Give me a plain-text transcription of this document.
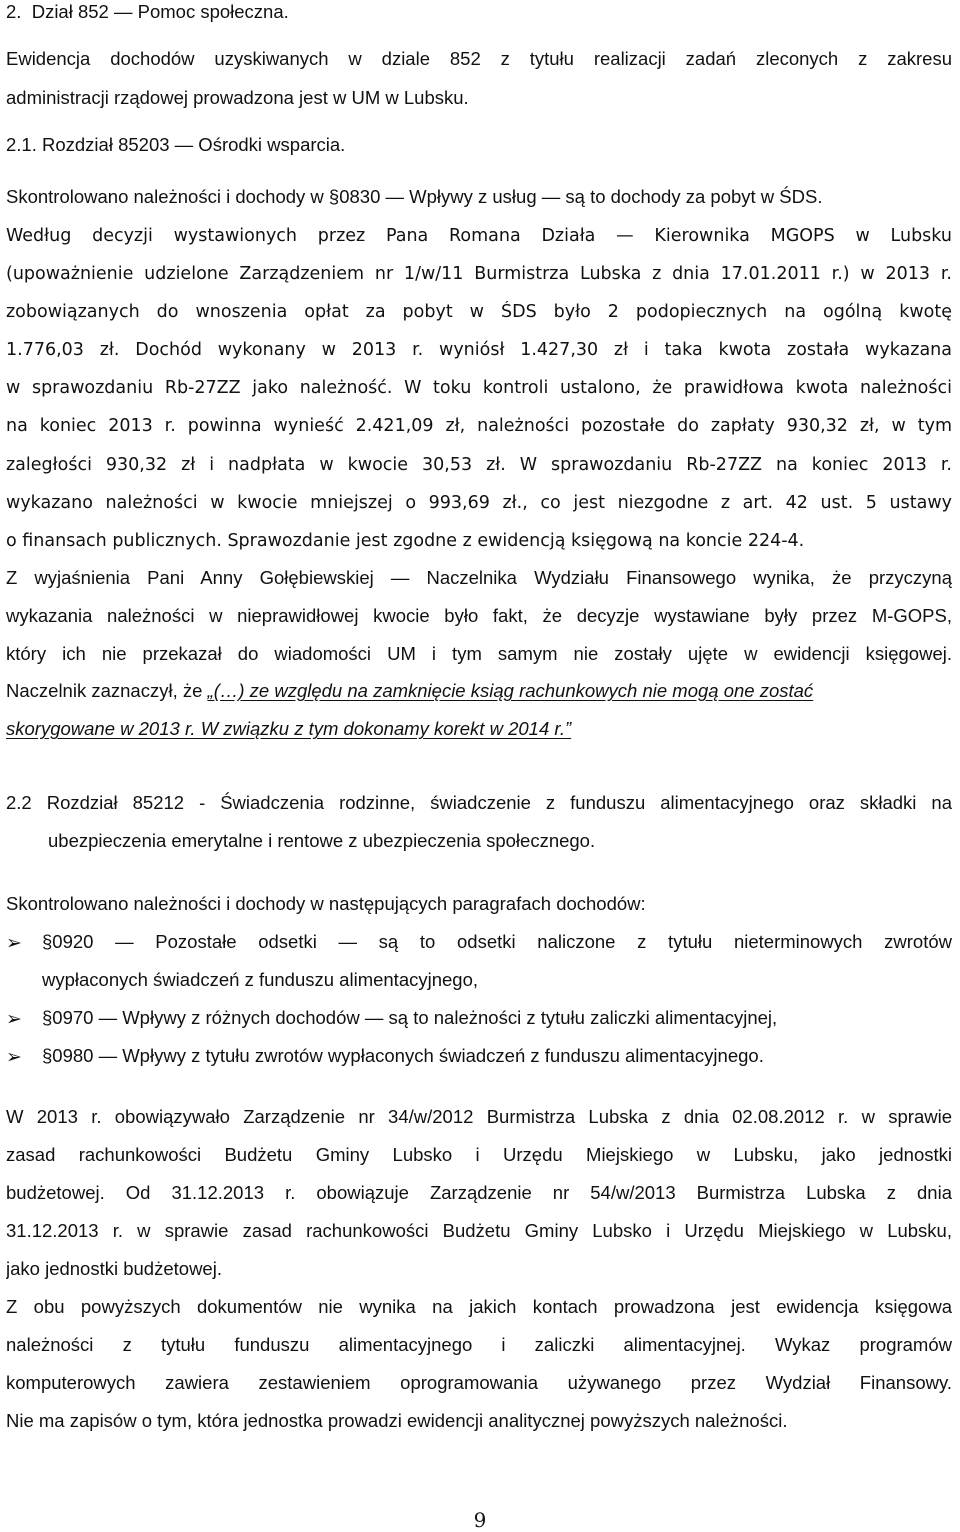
2.  Dział 852 — Pomoc społeczna.
Ewidencja dochodów uzyskiwanych w dziale 852 z tytułu realizacji zadań zleconych z zakresu
administracji rządowej prowadzona jest w UM w Lubsku.
2.1. Rozdział 85203 — Ośrodki wsparcia.
Skontrolowano należności i dochody w §0830 — Wpływy z usług — są to dochody za pobyt w ŚDS.
Według decyzji wystawionych przez Pana Romana Działa — Kierownika MGOPS w Lubsku
(upoważnienie udzielone Zarządzeniem nr 1/w/11 Burmistrza Lubska z dnia 17.01.2011 r.) w 2013 r.
zobowiązanych do wnoszenia opłat za pobyt w ŚDS było 2 podopiecznych na ogólną kwotę
1.776,03 zł. Dochód wykonany w 2013 r. wyniósł 1.427,30 zł i taka kwota została wykazana
w sprawozdaniu Rb-27ZZ jako należność. W toku kontroli ustalono, że prawidłowa kwota należności
na koniec 2013 r. powinna wynieść 2.421,09 zł, należności pozostałe do zapłaty 930,32 zł, w tym
zaległości 930,32 zł i nadpłata w kwocie 30,53 zł. W sprawozdaniu Rb-27ZZ na koniec 2013 r.
wykazano należności w kwocie mniejszej o 993,69 zł., co jest niezgodne z art. 42 ust. 5 ustawy
o finansach publicznych. Sprawozdanie jest zgodne z ewidencją księgową na koncie 224-4.
Z wyjaśnienia Pani Anny Gołębiewskiej — Naczelnika Wydziału Finansowego wynika, że przyczyną
wykazania należności w nieprawidłowej kwocie było fakt, że decyzje wystawiane były przez M-GOPS,
który ich nie przekazał do wiadomości UM i tym samym nie zostały ujęte w ewidencji księgowej.
Naczelnik zaznaczył, że „(…) ze względu na zamknięcie ksiąg rachunkowych nie mogą one zostać
skorygowane w 2013 r. W związku z tym dokonamy korekt w 2014 r.”
2.2 Rozdział 85212 - Świadczenia rodzinne, świadczenie z funduszu alimentacyjnego oraz składki na
ubezpieczenia emerytalne i rentowe z ubezpieczenia społecznego.
Skontrolowano należności i dochody w następujących paragrafach dochodów:
➢	§0920 — Pozostałe odsetki — są to odsetki naliczone z tytułu nieterminowych zwrotów
wypłaconych świadczeń z funduszu alimentacyjnego,
➢	§0970 — Wpływy z różnych dochodów — są to należności z tytułu zaliczki alimentacyjnej,
➢	§0980 — Wpływy z tytułu zwrotów wypłaconych świadczeń z funduszu alimentacyjnego.
W 2013 r. obowiązywało Zarządzenie nr 34/w/2012 Burmistrza Lubska z dnia 02.08.2012 r. w sprawie
zasad rachunkowości Budżetu Gminy Lubsko i Urzędu Miejskiego w Lubsku, jako jednostki
budżetowej. Od 31.12.2013 r. obowiązuje Zarządzenie nr 54/w/2013 Burmistrza Lubska z dnia
31.12.2013 r. w sprawie zasad rachunkowości Budżetu Gminy Lubsko i Urzędu Miejskiego w Lubsku,
jako jednostki budżetowej.
Z obu powyższych dokumentów nie wynika na jakich kontach prowadzona jest ewidencja księgowa
należności z tytułu funduszu alimentacyjnego i zaliczki alimentacyjnej. Wykaz programów
komputerowych zawiera zestawieniem oprogramowania używanego przez Wydział Finansowy.
Nie ma zapisów o tym, która jednostka prowadzi ewidencji analitycznej powyższych należności.
9
